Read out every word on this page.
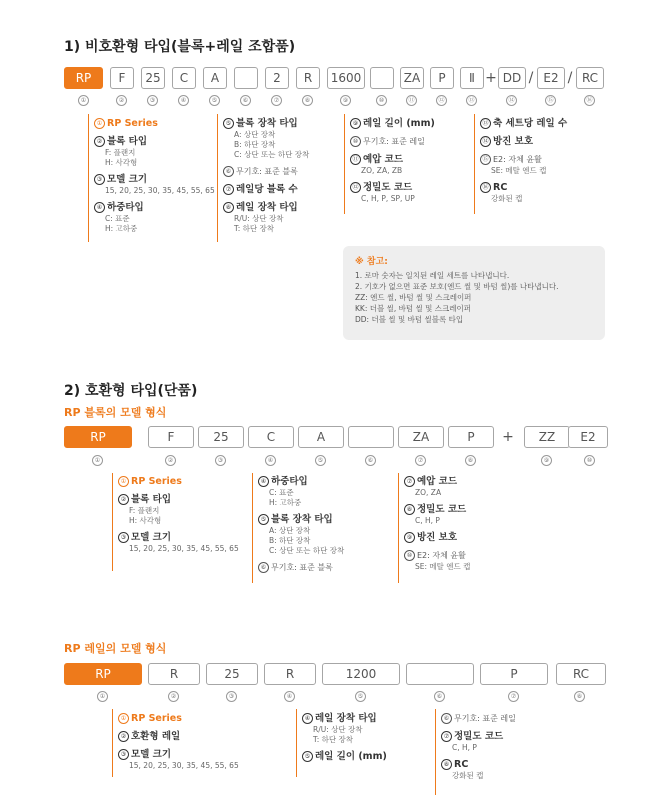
1) 비호환형 타입(블록+레일 조합품)
RP	F	25	C	A	2	R	1600	ZA	P	Ⅱ + DD / E2 / RC
①	②	③	④	⑤	⑥	⑦	⑧	⑨	⑩	⑪	⑫	⑬	⑭	⑮	⑯
① RP Series
② 블록 타입
F: 플랜지
H: 사각형
③ 모델 크기
15, 20, 25, 30, 35, 45, 55, 65
④ 하중타입
C: 표준
H: 고하중
⑤ 블록 장착 타입
A: 상단 장착
B: 하단 장착
C: 상단 또는 하단 장착
⑥ 무기호: 표준 블록
⑦ 레일당 블록 수
⑧ 레일 장착 타입
R/U: 상단 장착
T: 하단 장착
⑨ 레일 길이 (mm)
⑩ 무기호: 표준 레일
⑪ 예압 코드
ZO, ZA, ZB
⑫ 정밀도 코드
C, H, P, SP, UP
⑬ 축 세트당 레일 수
⑭ 방진 보호
⑮ E2: 자체 윤활
SE: 메탈 엔드 캡
⑯ RC
강화된 캡
※ 참고:
1. 로마 숫자는 일치된 레일 세트를 나타냅니다.
2. 기호가 없으면 표준 보호(엔드 씰 및 바텀 씰)를 나타냅니다.
ZZ: 엔드 씰, 바텀 씰 및 스크레이퍼
KK: 더블 씰, 바텀 씰 및 스크레이퍼
DD: 더블 씰 및 바텀 씰블록 타입
2) 호환형 타입(단품)
RP 블록의 모델 형식
RP	F	25	C	A	ZA	P	+	ZZ	E2
①	②	③	④	⑤	⑥	⑦	⑧	⑨	⑩
① RP Series
② 블록 타입
F: 플랜지
H: 사각형
③ 모델 크기
15, 20, 25, 30, 35, 45, 55, 65
④ 하중타입
C: 표준
H: 고하중
⑤ 블록 장착 타입
A: 상단 장착
B: 하단 장착
C: 상단 또는 하단 장착
⑥ 무기호: 표준 블록
⑦ 예압 코드
ZO, ZA
⑧ 정밀도 코드
C, H, P
⑨ 방진 보호
⑩ E2: 자체 윤활
SE: 메탈 엔드 캡
RP 레일의 모델 형식
RP	R	25	R	1200	P	RC
①	②	③	④	⑤	⑥	⑦	⑧
① RP Series
② 호환형 레일
③ 모델 크기
15, 20, 25, 30, 35, 45, 55, 65
④ 레일 장착 타입
R/U: 상단 장착
T: 하단 장착
⑤ 레일 길이 (mm)
⑥ 무기호: 표준 레일
⑦ 정밀도 코드
C, H, P
⑧ RC
강화된 캡
